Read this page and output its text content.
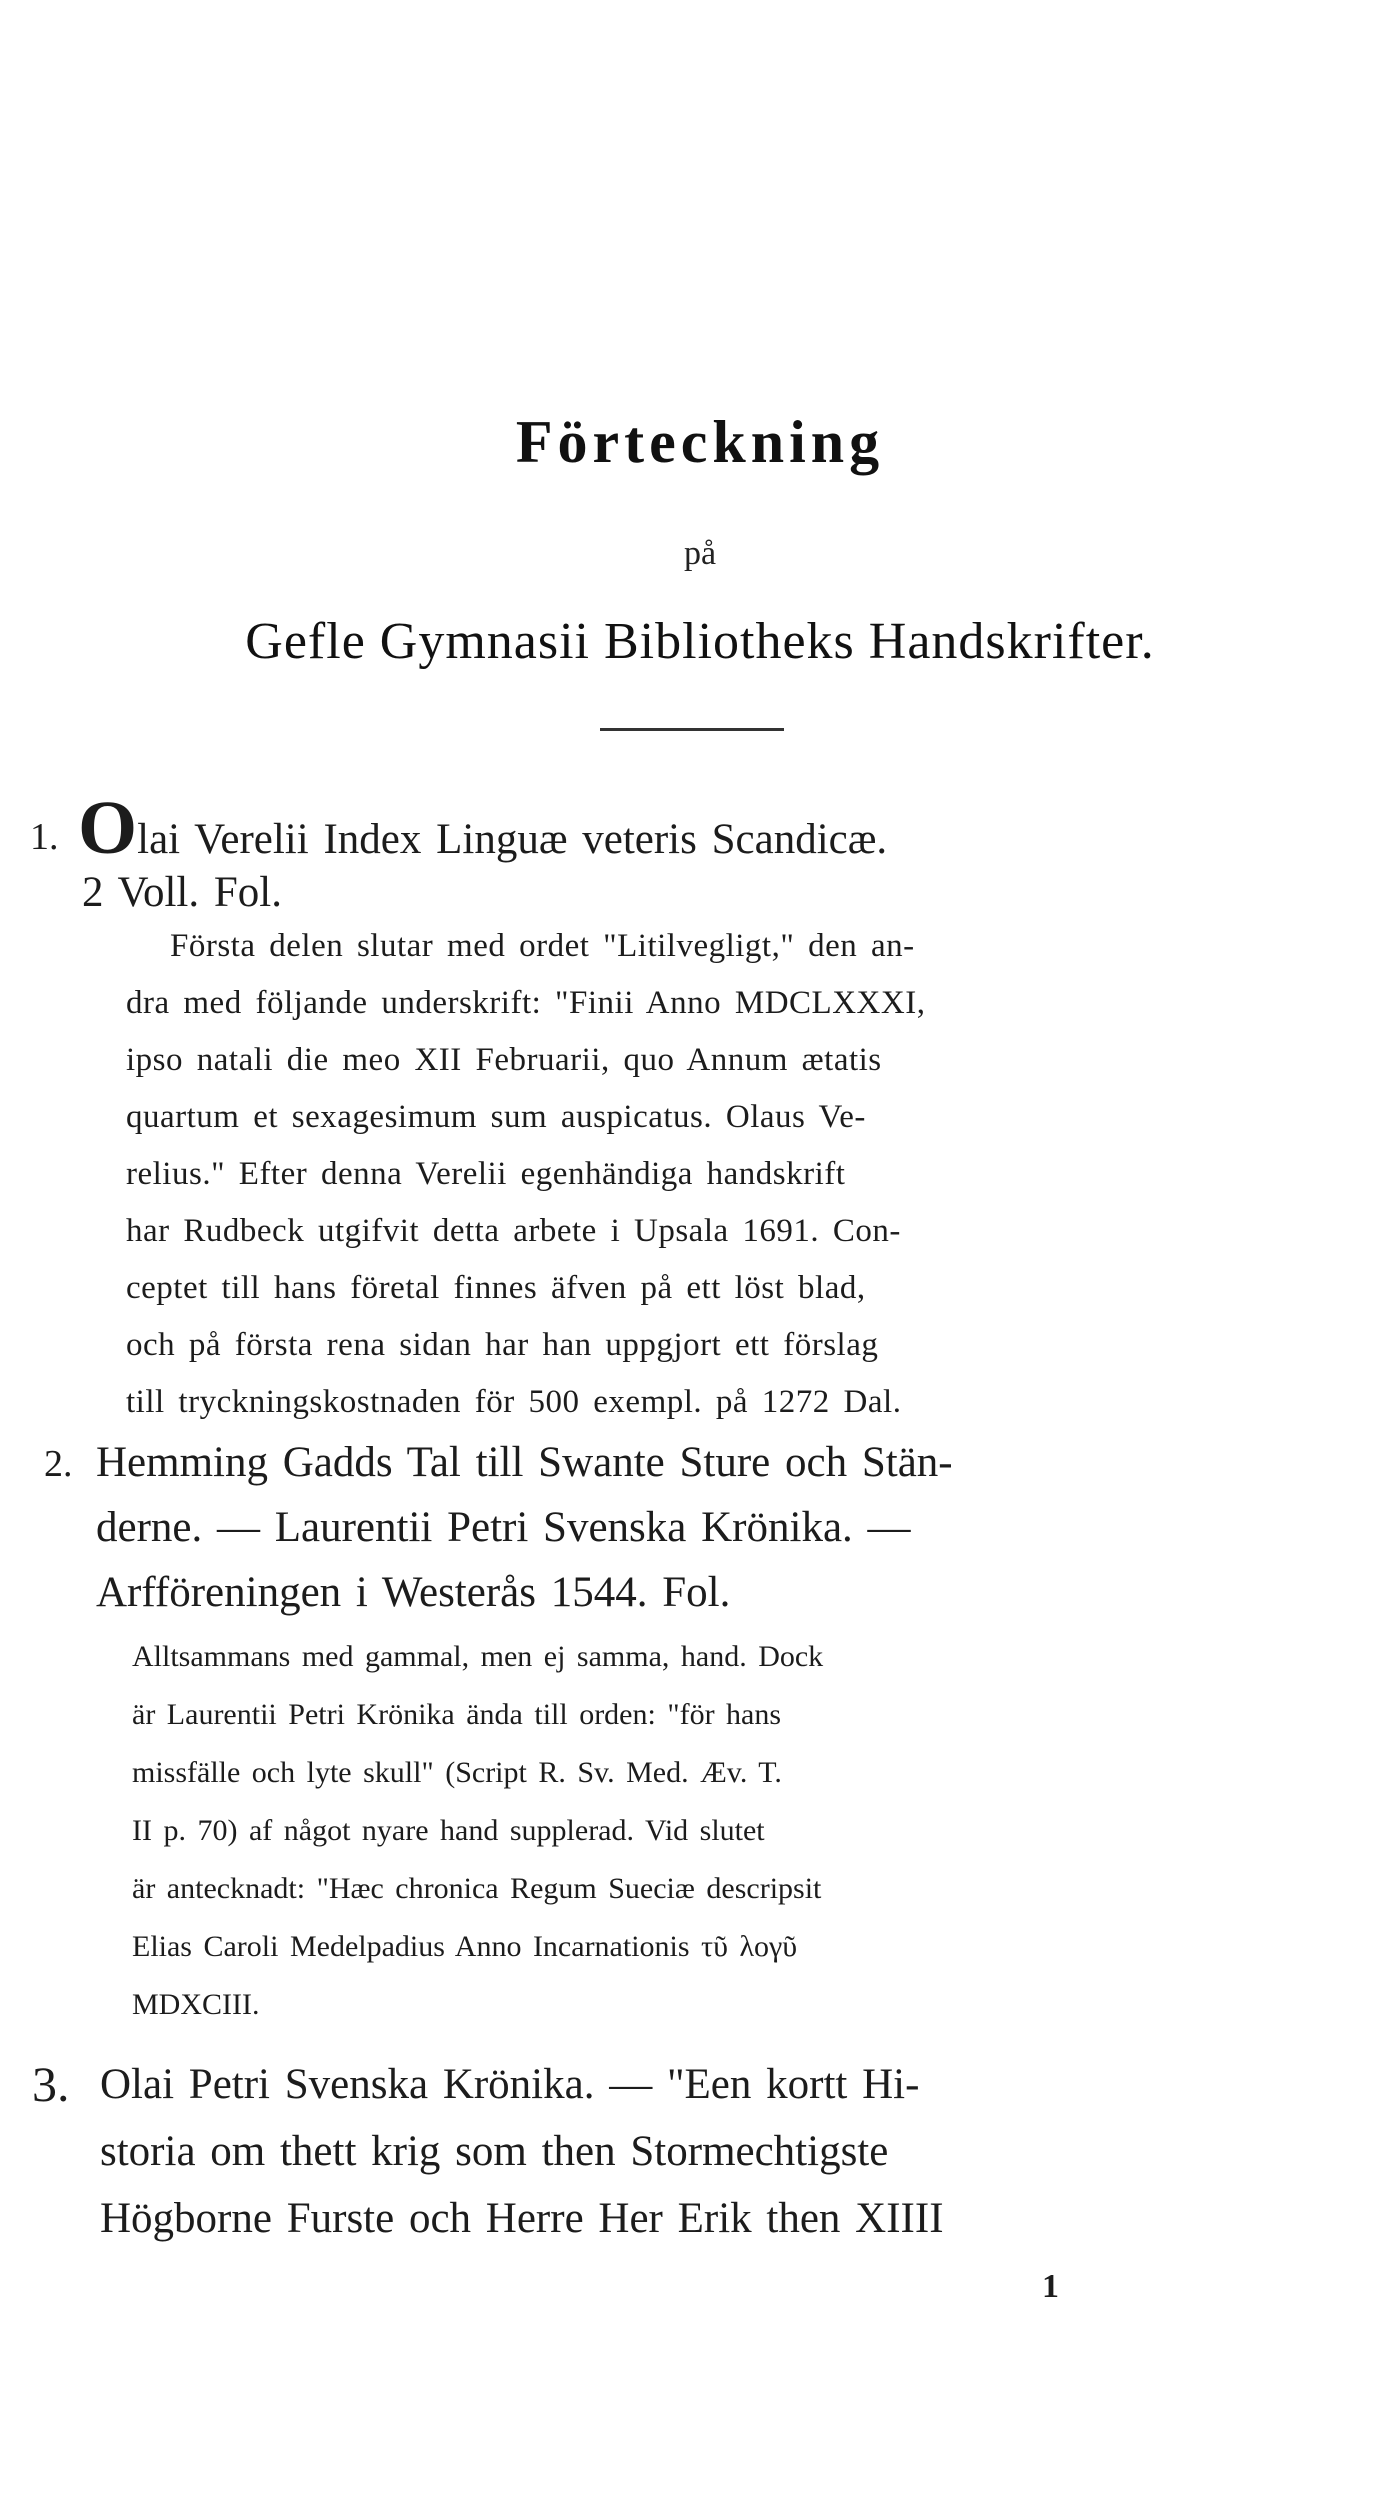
Förteckning
på
Gefle Gymnasii Bibliotheks Handskrifter.
1. Olai Verelii Index Linguæ veteris Scandicæ.
2 Voll. Fol.
Första delen slutar med ordet "Litilvegligt," den an-
dra med följande underskrift: "Finii Anno MDCLXXXI,
ipso natali die meo XII Februarii, quo Annum ætatis
quartum et sexagesimum sum auspicatus. Olaus Ve-
relius." Efter denna Verelii egenhändiga handskrift
har Rudbeck utgifvit detta arbete i Upsala 1691. Con-
ceptet till hans företal finnes äfven på ett löst blad,
och på första rena sidan har han uppgjort ett förslag
till tryckningskostnaden för 500 exempl. på 1272 Dal.
2. Hemming Gadds Tal till Swante Sture och Stän-
derne. — Laurentii Petri Svenska Krönika. —
Arfföreningen i Westerås 1544. Fol.
Alltsammans med gammal, men ej samma, hand. Dock
är Laurentii Petri Krönika ända till orden: "för hans
missfälle och lyte skull" (Script R. Sv. Med. Æv. T.
II p. 70) af något nyare hand supplerad. Vid slutet
är antecknadt: "Hæc chronica Regum Sueciæ descripsit
Elias Caroli Medelpadius Anno Incarnationis τῦ λογῦ
MDXCIII.
3. Olai Petri Svenska Krönika. — "Een kortt Hi-
storia om thett krig som then Stormechtigste
Högborne Furste och Herre Her Erik then XIIII
1
